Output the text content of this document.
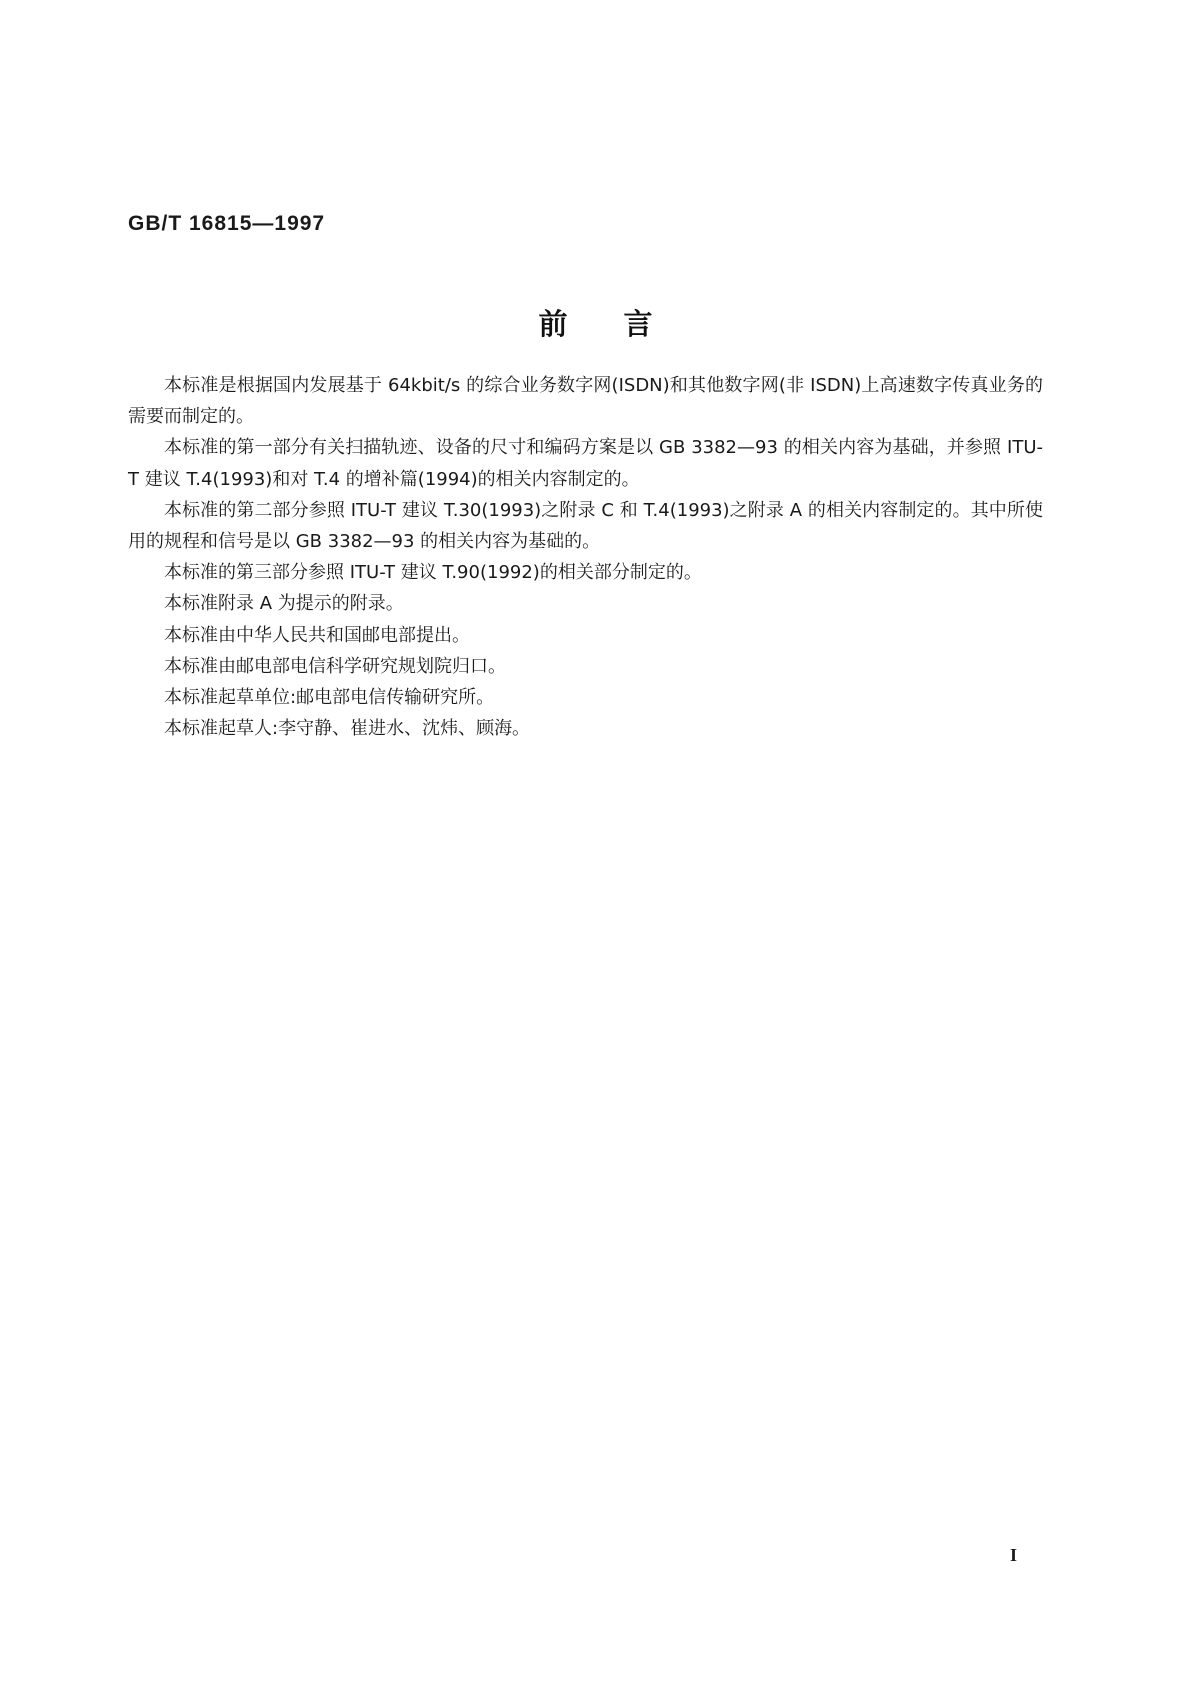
GB/T 16815—1997
前言

本标准是根据国内发展基于 64kbit/s 的综合业务数字网(ISDN)和其他数字网(非 ISDN)上高速数字传真业务的需要而制定的。

本标准的第一部分有关扫描轨迹、设备的尺寸和编码方案是以 GB 3382—93 的相关内容为基础，并参照 ITU-T 建议 T.4(1993)和对 T.4 的增补篇(1994)的相关内容制定的。

本标准的第二部分参照 ITU-T 建议 T.30(1993)之附录 C 和 T.4(1993)之附录 A 的相关内容制定的。其中所使用的规程和信号是以 GB 3382—93 的相关内容为基础的。

本标准的第三部分参照 ITU-T 建议 T.90(1992)的相关部分制定的。

本标准附录 A 为提示的附录。

本标准由中华人民共和国邮电部提出。

本标准由邮电部电信科学研究规划院归口。

本标准起草单位:邮电部电信传输研究所。

本标准起草人:李守静、崔进水、沈炜、顾海。

I
